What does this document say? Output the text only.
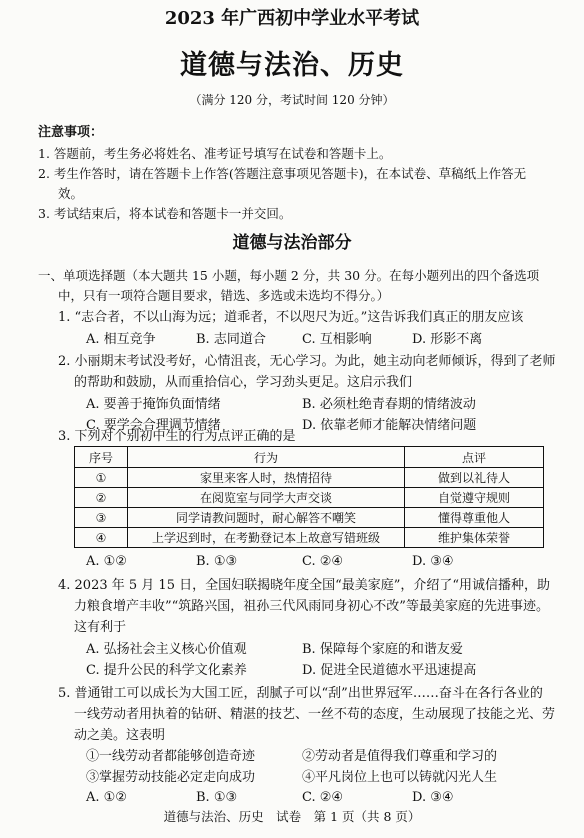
2023 年广西初中学业水平考试
道德与法治、历史
（满分 120 分，考试时间 120 分钟）
注意事项：
1. 答题前，考生务必将姓名、准考证号填写在试卷和答题卡上。
2. 考生作答时，请在答题卡上作答(答题注意事项见答题卡)，在本试卷、草稿纸上作答无
效。
3. 考试结束后，将本试卷和答题卡一并交回。
道德与法治部分
一、单项选择题（本大题共 15 小题，每小题 2 分，共 30 分。在每小题列出的四个备选项
中，只有一项符合题目要求，错选、多选或未选均不得分。）
1. “志合者，不以山海为远；道乖者，不以咫尺为近。”这告诉我们真正的朋友应该
A. 相互竞争	B. 志同道合	C. 互相影响	D. 形影不离
2. 小丽期末考试没考好，心情沮丧，无心学习。为此，她主动向老师倾诉，得到了老师
的帮助和鼓励，从而重拾信心，学习劲头更足。这启示我们
A. 要善于掩饰负面情绪	B. 必须杜绝青春期的情绪波动
C. 要学会合理调节情绪	D. 依靠老师才能解决情绪问题
3. 下列对个别初中生的行为点评正确的是
序号	行为	点评
①	家里来客人时，热情招待	做到以礼待人
②	在阅览室与同学大声交谈	自觉遵守规则
③	同学请教问题时，耐心解答不嘲笑	懂得尊重他人
④	上学迟到时，在考勤登记本上故意写错班级	维护集体荣誉
A. ①②	B. ①③	C. ②④	D. ③④
4. 2023 年 5 月 15 日，全国妇联揭晓年度全国“最美家庭”，介绍了“用诚信播种，助
力粮食增产丰收”“筑路兴国，祖孙三代风雨同身初心不改”等最美家庭的先进事迹。
这有利于
A. 弘扬社会主义核心价值观	B. 保障每个家庭的和谐友爱
C. 提升公民的科学文化素养	D. 促进全民道德水平迅速提高
5. 普通钳工可以成长为大国工匠，刮腻子可以“刮”出世界冠军……奋斗在各行各业的
一线劳动者用执着的钻研、精湛的技艺、一丝不苟的态度，生动展现了技能之光、劳
动之美。这表明
①一线劳动者都能够创造奇迹	②劳动者是值得我们尊重和学习的
③掌握劳动技能必定走向成功	④平凡岗位上也可以铸就闪光人生
A. ①②	B. ①③	C. ②④	D. ③④
道德与法治、历史　试卷　第 1 页（共 8 页）
